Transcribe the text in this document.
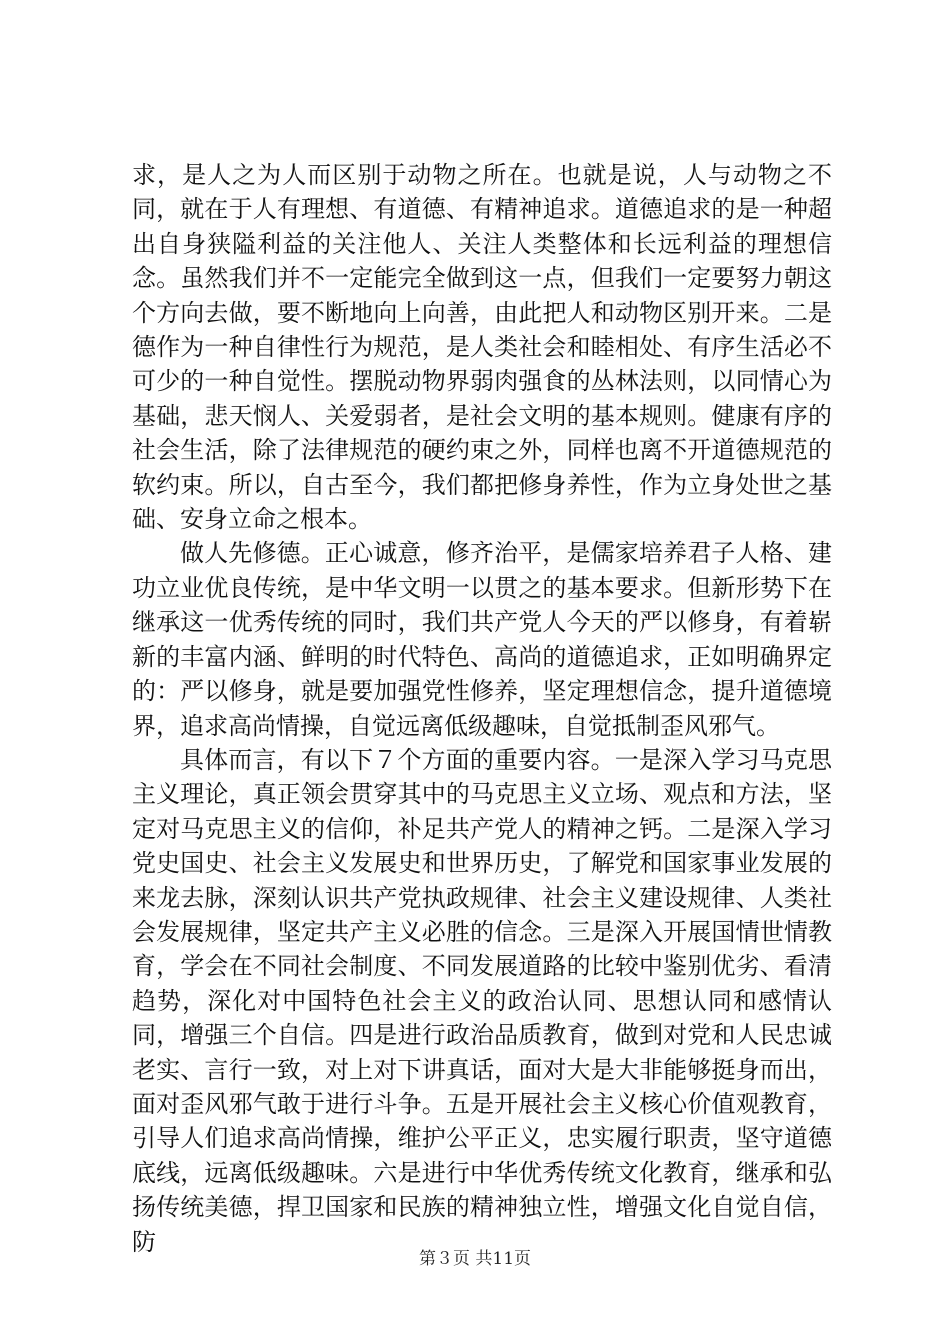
求，是人之为人而区别于动物之所在。也就是说，人与动物之不同，就在于人有理想、有道德、有精神追求。道德追求的是一种超出自身狭隘利益的关注他人、关注人类整体和长远利益的理想信念。虽然我们并不一定能完全做到这一点，但我们一定要努力朝这个方向去做，要不断地向上向善，由此把人和动物区别开来。二是德作为一种自律性行为规范，是人类社会和睦相处、有序生活必不可少的一种自觉性。摆脱动物界弱肉强食的丛林法则，以同情心为基础，悲天悯人、关爱弱者，是社会文明的基本规则。健康有序的社会生活，除了法律规范的硬约束之外，同样也离不开道德规范的软约束。所以，自古至今，我们都把修身养性，作为立身处世之基础、安身立命之根本。

做人先修德。正心诚意，修齐治平，是儒家培养君子人格、建功立业优良传统，是中华文明一以贯之的基本要求。但新形势下在继承这一优秀传统的同时，我们共产党人今天的严以修身，有着崭新的丰富内涵、鲜明的时代特色、高尚的道德追求，正如明确界定的：严以修身，就是要加强党性修养，坚定理想信念，提升道德境界，追求高尚情操，自觉远离低级趣味，自觉抵制歪风邪气。

具体而言，有以下７个方面的重要内容。一是深入学习马克思主义理论，真正领会贯穿其中的马克思主义立场、观点和方法，坚定对马克思主义的信仰，补足共产党人的精神之钙。二是深入学习党史国史、社会主义发展史和世界历史，了解党和国家事业发展的来龙去脉，深刻认识共产党执政规律、社会主义建设规律、人类社会发展规律，坚定共产主义必胜的信念。三是深入开展国情世情教育，学会在不同社会制度、不同发展道路的比较中鉴别优劣、看清趋势，深化对中国特色社会主义的政治认同、思想认同和感情认同，增强三个自信。四是进行政治品质教育，做到对党和人民忠诚老实、言行一致，对上对下讲真话，面对大是大非能够挺身而出，面对歪风邪气敢于进行斗争。五是开展社会主义核心价值观教育，引导人们追求高尚情操，维护公平正义，忠实履行职责，坚守道德底线，远离低级趣味。六是进行中华优秀传统文化教育，继承和弘扬传统美德，捍卫国家和民族的精神独立性，增强文化自觉自信，防

第３页 共11页
